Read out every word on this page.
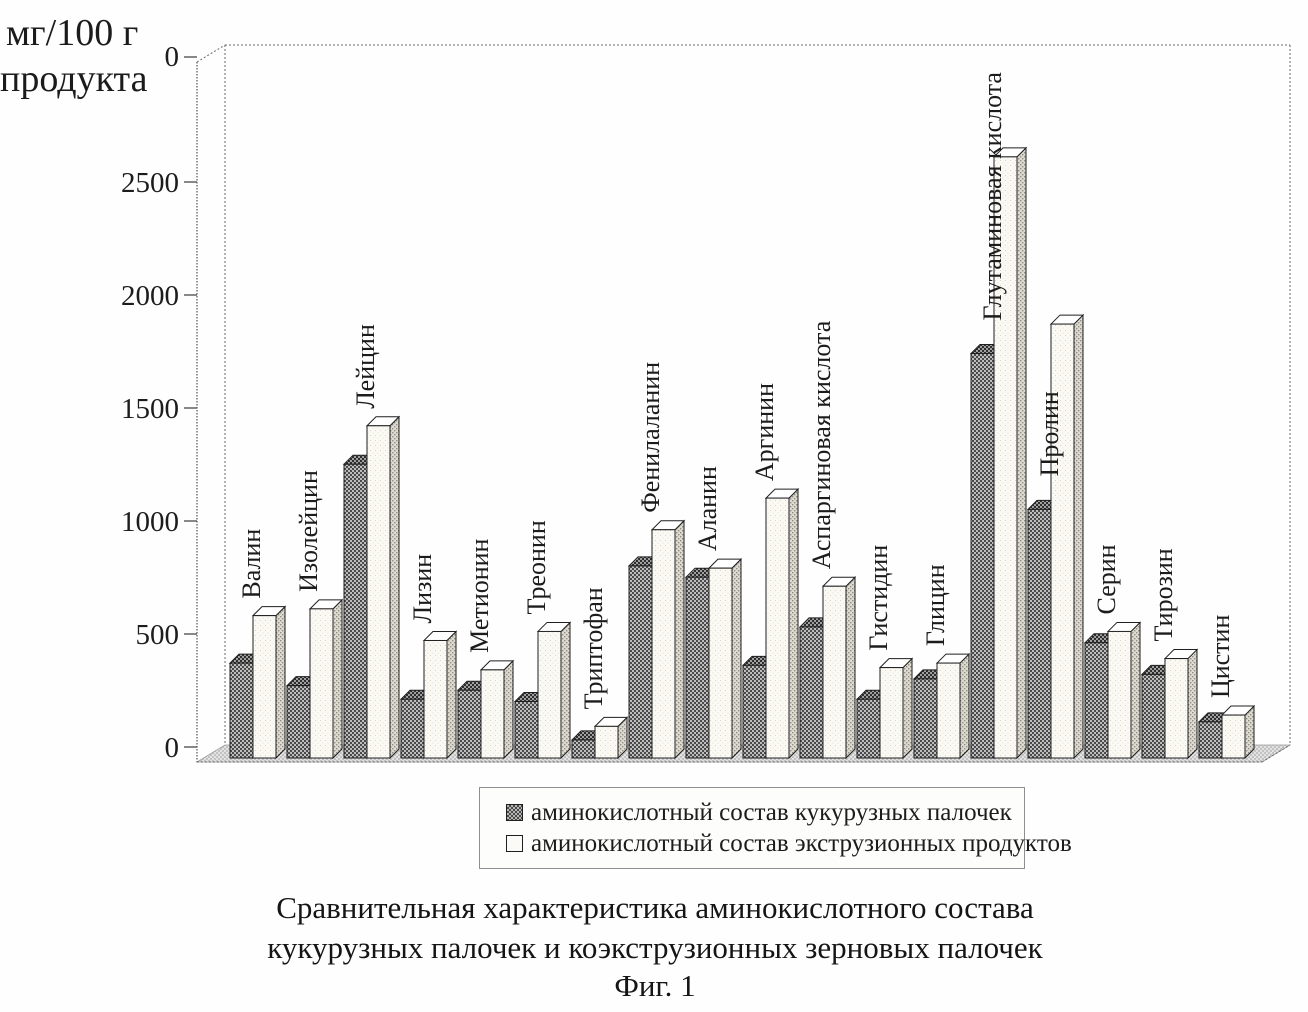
мг/100 г
продукта
0
500
1000
1500
2000
2500
0
Валин Изолейцин
Лейцин
Лизин Метионин Треонин
Триптофан
Фенилаланин Аланин
Аргинин Аспаргиновая кислота
Гистидин Глицин
Глутаминовая кислота
Пролин
Серин Тирозин
Цистин
аминокислотный состав кукурузных палочек
аминокислотный состав экструзионных продуктов
Сравнительная характеристика аминокислотного состава
кукурузных палочек и коэкструзионных зерновых палочек
Фиг. 1
